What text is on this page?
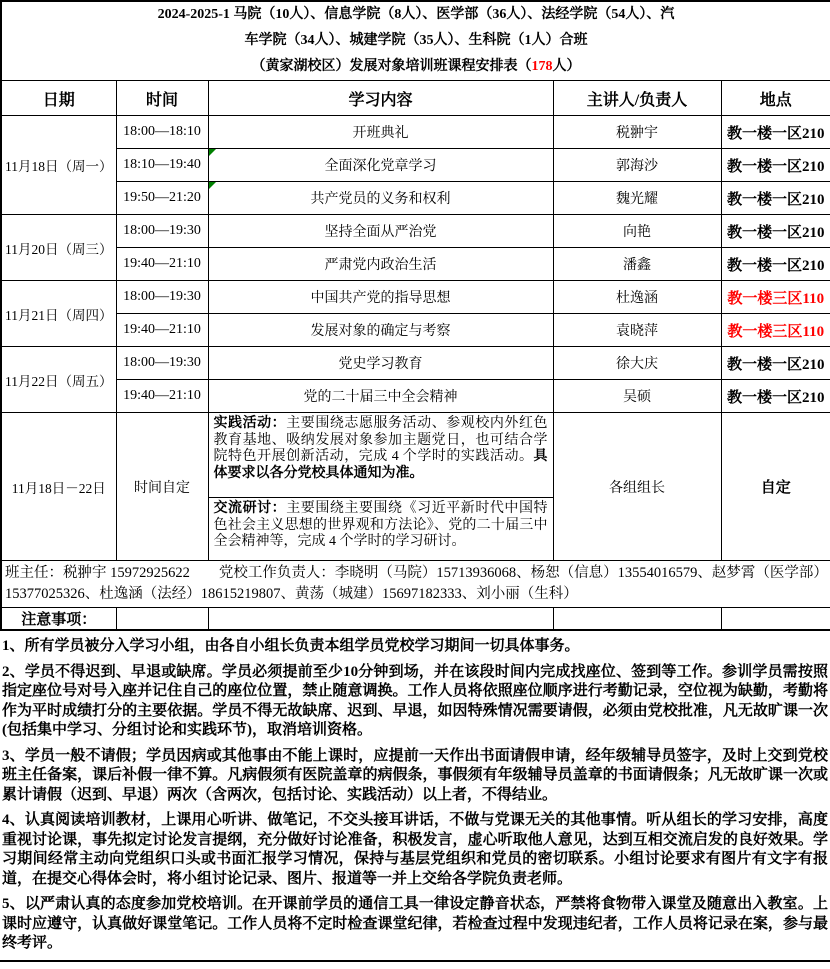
2024-2025-1 马院（10人）、信息学院（8人）、医学部（36人）、法经学院（54人）、汽
车学院（34人）、城建学院（35人）、生科院（1人）合班
（黄家湖校区）发展对象培训班课程安排表（178人）				

日期	时间	学习内容	主讲人/负责人	地点
11月18日（周一）	18:00—18:10	开班典礼	税翀宇	教一楼一区210
	18:10—19:40	全面深化党章学习	郭海沙	教一楼一区210
	19:50—21:20	共产党员的义务和权利	魏光耀	教一楼一区210
11月20日（周三）	18:00—19:30	坚持全面从严治党	向艳	教一楼一区210
	19:40—21:10	严肃党内政治生活	潘鑫	教一楼一区210
11月21日（周四）	18:00—19:30	中国共产党的指导思想	杜逸涵	教一楼三区110
	19:40—21:10	发展对象的确定与考察	袁晓萍	教一楼三区110
11月22日（周五）	18:00—19:30	党史学习教育	徐大庆	教一楼一区210
	19:40—21:10	党的二十届三中全会精神	吴硕	教一楼一区210
11月18日－22日	时间自定	实践活动：主要围绕志愿服务活动、参观校内外红色教育基地、吸纳发展对象参加主题党日，也可结合学院特色开展创新活动，完成 4 个学时的实践活动。具体要求以各分党校具体通知为准。	各组组长	自定
		交流研讨：主要围绕主要围绕《习近平新时代中国特色社会主义思想的世界观和方法论》、党的二十届三中全会精神等，完成 4 个学时的学习研讨。		
班主任：税翀宇 15972925622　　党校工作负责人：李晓明（马院）15713936068、杨恕（信息）13554016579、赵梦霄（医学部）15377025326、杜逸涵（法经）18615219807、黄荡（城建）15697182333、刘小丽（生科）				
注意事项：				

1、所有学员被分入学习小组，由各自小组长负责本组学员党校学习期间一切具体事务。

2、学员不得迟到、早退或缺席。学员必须提前至少10分钟到场，并在该段时间内完成找座位、签到等工作。参训学员需按照指定座位号对号入座并记住自己的座位位置，禁止随意调换。工作人员将依照座位顺序进行考勤记录，空位视为缺勤，考勤将作为平时成绩打分的主要依据。学员不得无故缺席、迟到、早退，如因特殊情况需要请假，必须由党校批准，凡无故旷课一次(包括集中学习、分组讨论和实践环节)，取消培训资格。

3、学员一般不请假；学员因病或其他事由不能上课时，应提前一天作出书面请假申请，经年级辅导员签字，及时上交到党校班主任备案，课后补假一律不算。凡病假须有医院盖章的病假条，事假须有年级辅导员盖章的书面请假条；凡无故旷课一次或累计请假（迟到、早退）两次（含两次，包括讨论、实践活动）以上者，不得结业。

4、认真阅读培训教材，上课用心听讲、做笔记，不交头接耳讲话，不做与党课无关的其他事情。听从组长的学习安排，高度重视讨论课，事先拟定讨论发言提纲，充分做好讨论准备，积极发言，虚心听取他人意见，达到互相交流启发的良好效果。学习期间经常主动向党组织口头或书面汇报学习情况，保持与基层党组织和党员的密切联系。小组讨论要求有图片有文字有报道，在提交心得体会时，将小组讨论记录、图片、报道等一并上交给各学院负责老师。

5、以严肃认真的态度参加党校培训。在开课前学员的通信工具一律设定静音状态，严禁将食物带入课堂及随意出入教室。上课时应遵守，认真做好课堂笔记。工作人员将不定时检查课堂纪律，若检查过程中发现违纪者，工作人员将记录在案，参与最终考评。
